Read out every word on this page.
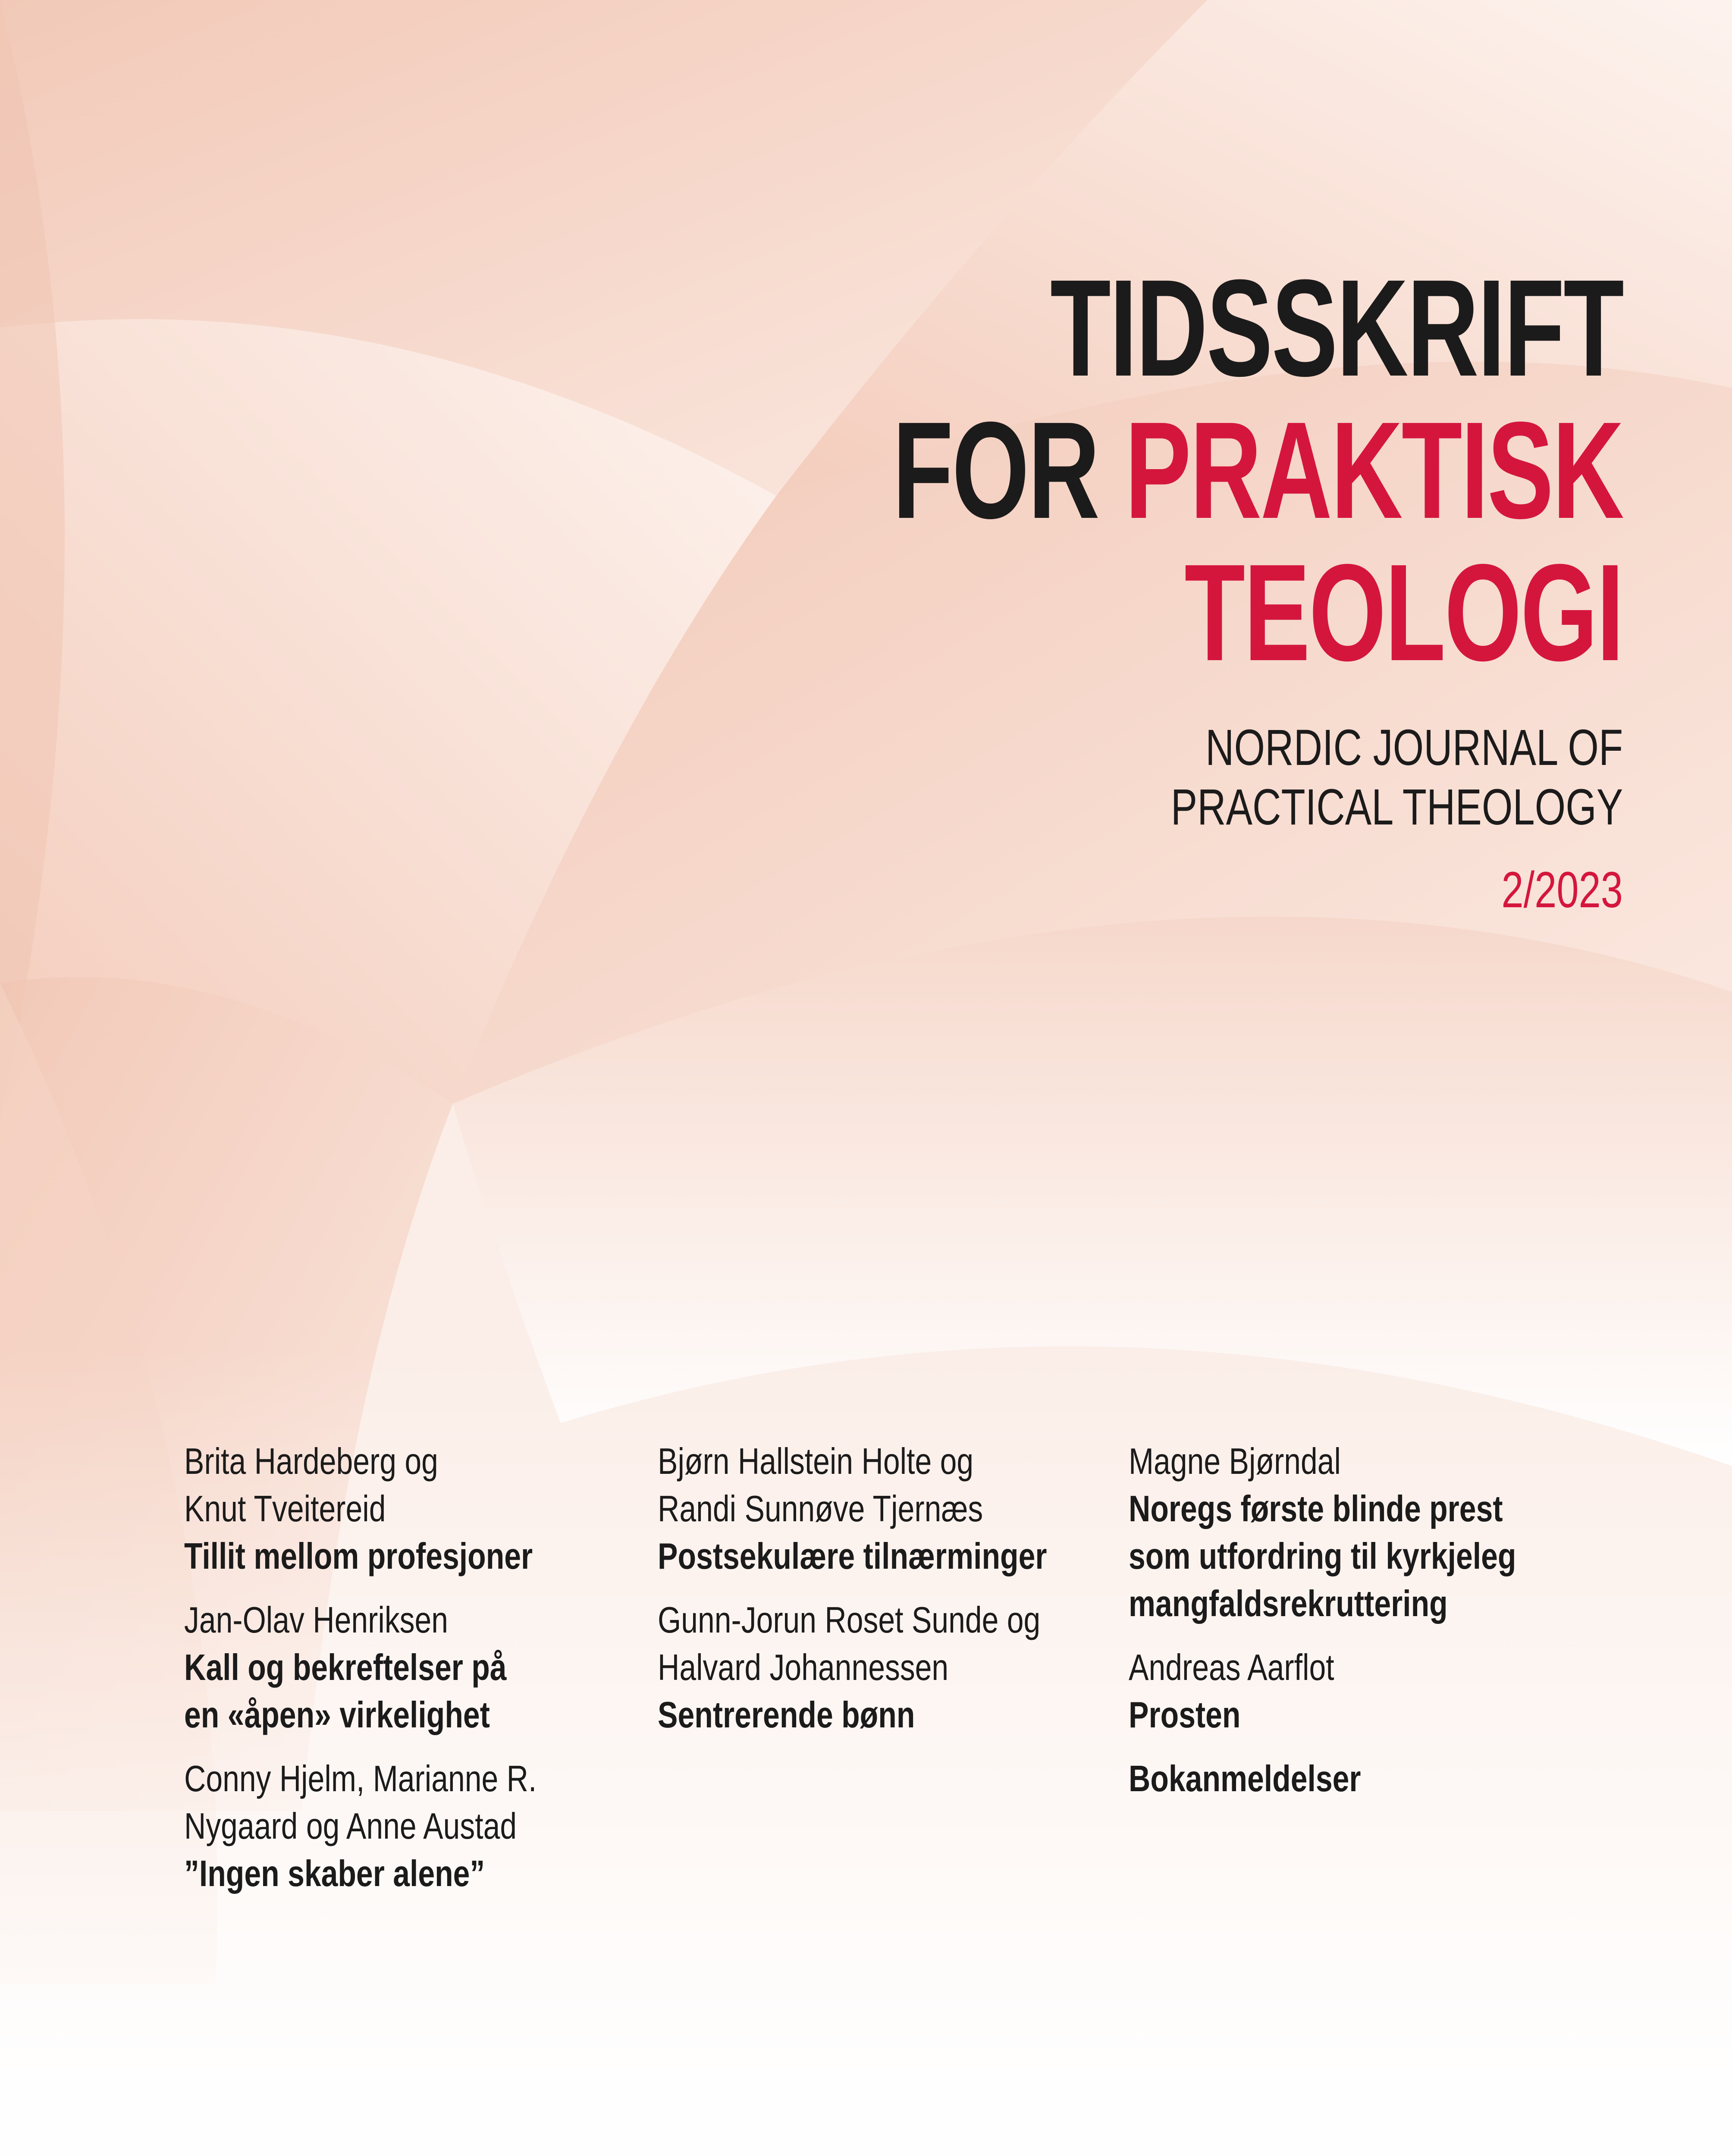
TIDSSKRIFT
FOR PRAKTISK
TEOLOGI
NORDIC JOURNAL OF
PRACTICAL THEOLOGY
2/2023
Brita Hardeberg og
Knut Tveitereid
Tillit mellom profesjoner
Jan-Olav Henriksen
Kall og bekreftelser på
en «åpen» virkelighet
Conny Hjelm, Marianne R.
Nygaard og Anne Austad
”Ingen skaber alene”
Bjørn Hallstein Holte og
Randi Sunnøve Tjernæs
Postsekulære tilnærminger
Gunn-Jorun Roset Sunde og
Halvard Johannessen
Sentrerende bønn
Magne Bjørndal
Noregs første blinde prest
som utfordring til kyrkjeleg
mangfaldsrekruttering
Andreas Aarflot
Prosten
Bokanmeldelser
